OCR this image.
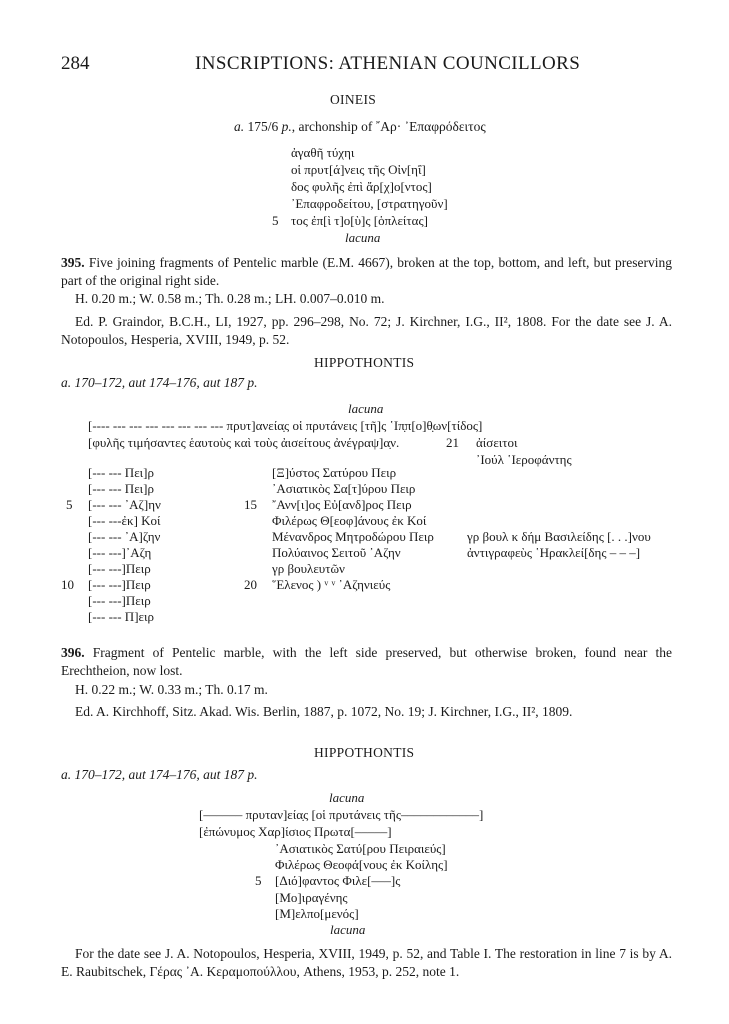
284	INSCRIPTIONS: ATHENIAN COUNCILLORS
OINEIS
a. 175/6 p., archonship of ῎Αρ· ᾿Επαφρόδειτος
ἀγαθῆ τύχηι
οἱ πρυτ[ά]νεις τῆς Οἰν[ηΐ]
δος φυλῆς ἐπὶ ἄρ[χ]ο[ντος]
᾿Επαφροδείτου, [στρατηγοῦν]
5 τος ἐπ[ὶ τ]ο[ὺ]ς [ὁπλείτας]
lacuna
395. Five joining fragments of Pentelic marble (E.M. 4667), broken at the top, bottom, and left, but preserving part of the original right side.
H. 0.20 m.; W. 0.58 m.; Th. 0.28 m.; LH. 0.007–0.010 m.
Ed. P. Graindor, B.C.H., LI, 1927, pp. 296–298, No. 72; J. Kirchner, I.G., II², 1808. For the date see J. A. Notopoulos, Hesperia, XVIII, 1949, p. 52.
HIPPOTHONTIS
a. 170–172, aut 174–176, aut 187 p.
lacuna
[---- --- --- --- --- --- --- --- πρυτ]ανεία̣ς οἱ πρυτάνεις [τῆ]ς ῾Ιπ̣π[ο]θ̣ων[τίδος]
[φυλῆς τιμήσαντες ἑαυτοὺς καὶ τοὺς ἀισείτους ἀνέγραψ]α̣ν.	21 ἀίσειτοι
᾿Ιούλ ῾Ιεροφάντης
[--- --- Πει]ρ
[--- --- Πει]ρ
5 [--- --- ᾿Αζ]ην
[--- ---ἐκ] Κοί
[--- --- ᾿Α]ζην
[--- ---]᾿Αζη
[--- ---]Πειρ
10 [--- ---]Πειρ
[--- ---]Πειρ
[--- --- Π]ειρ
[Ξ]ύστος Σατύρου Πειρ
᾿Ασιατικὸς Σα[τ]ύρου Πειρ
15 ῎Ανν[ι]ος Εὐ[ανδ]ρος Πειρ
Φιλέρως Θ[εοφ]άνους ἐκ Κοί
Μένανδρος Μητροδώρου Πειρ
Πολύαινος Σειτοῦ ᾿Αζην
γρ βουλευτῶν
20 ῞Ελενος ) ᵛ ᵛ ᾿Αζηνιεύς
γρ βουλ κ δήμ Βασιλείδης [. . .]νου
ἀντιγραφεὺς ῾Ηρακλεί[δης – – –]
396. Fragment of Pentelic marble, with the left side preserved, but otherwise broken, found near the Erechtheion, now lost.
H. 0.22 m.; W. 0.33 m.; Th. 0.17 m.
Ed. A. Kirchhoff, Sitz. Akad. Wis. Berlin, 1887, p. 1072, No. 19; J. Kirchner, I.G., II², 1809.
HIPPOTHONTIS
a. 170–172, aut 174–176, aut 187 p.
lacuna
[–––––– πρυταν]εία̣ς [οἱ πρυτάνεις τῆς––––––––––––]
[ἐπώνυμος Χαρ]ίσιος Πρωτα[–––––]
᾿Ασιατικὸς Σατύ[ρου Πειραιεύς]
Φιλέρως Θεοφά[νους ἐκ Κοίλης]
5 [Διό]φαντος Φιλε[–––]ς
[Μο]ιραγένης
[Μ]ελπο[μενός]
lacuna
For the date see J. A. Notopoulos, Hesperia, XVIII, 1949, p. 52, and Table I. The restoration in line 7 is by A. E. Raubitschek, Γέρας ᾿Α. Κεραμοπούλλου, Athens, 1953, p. 252, note 1.
